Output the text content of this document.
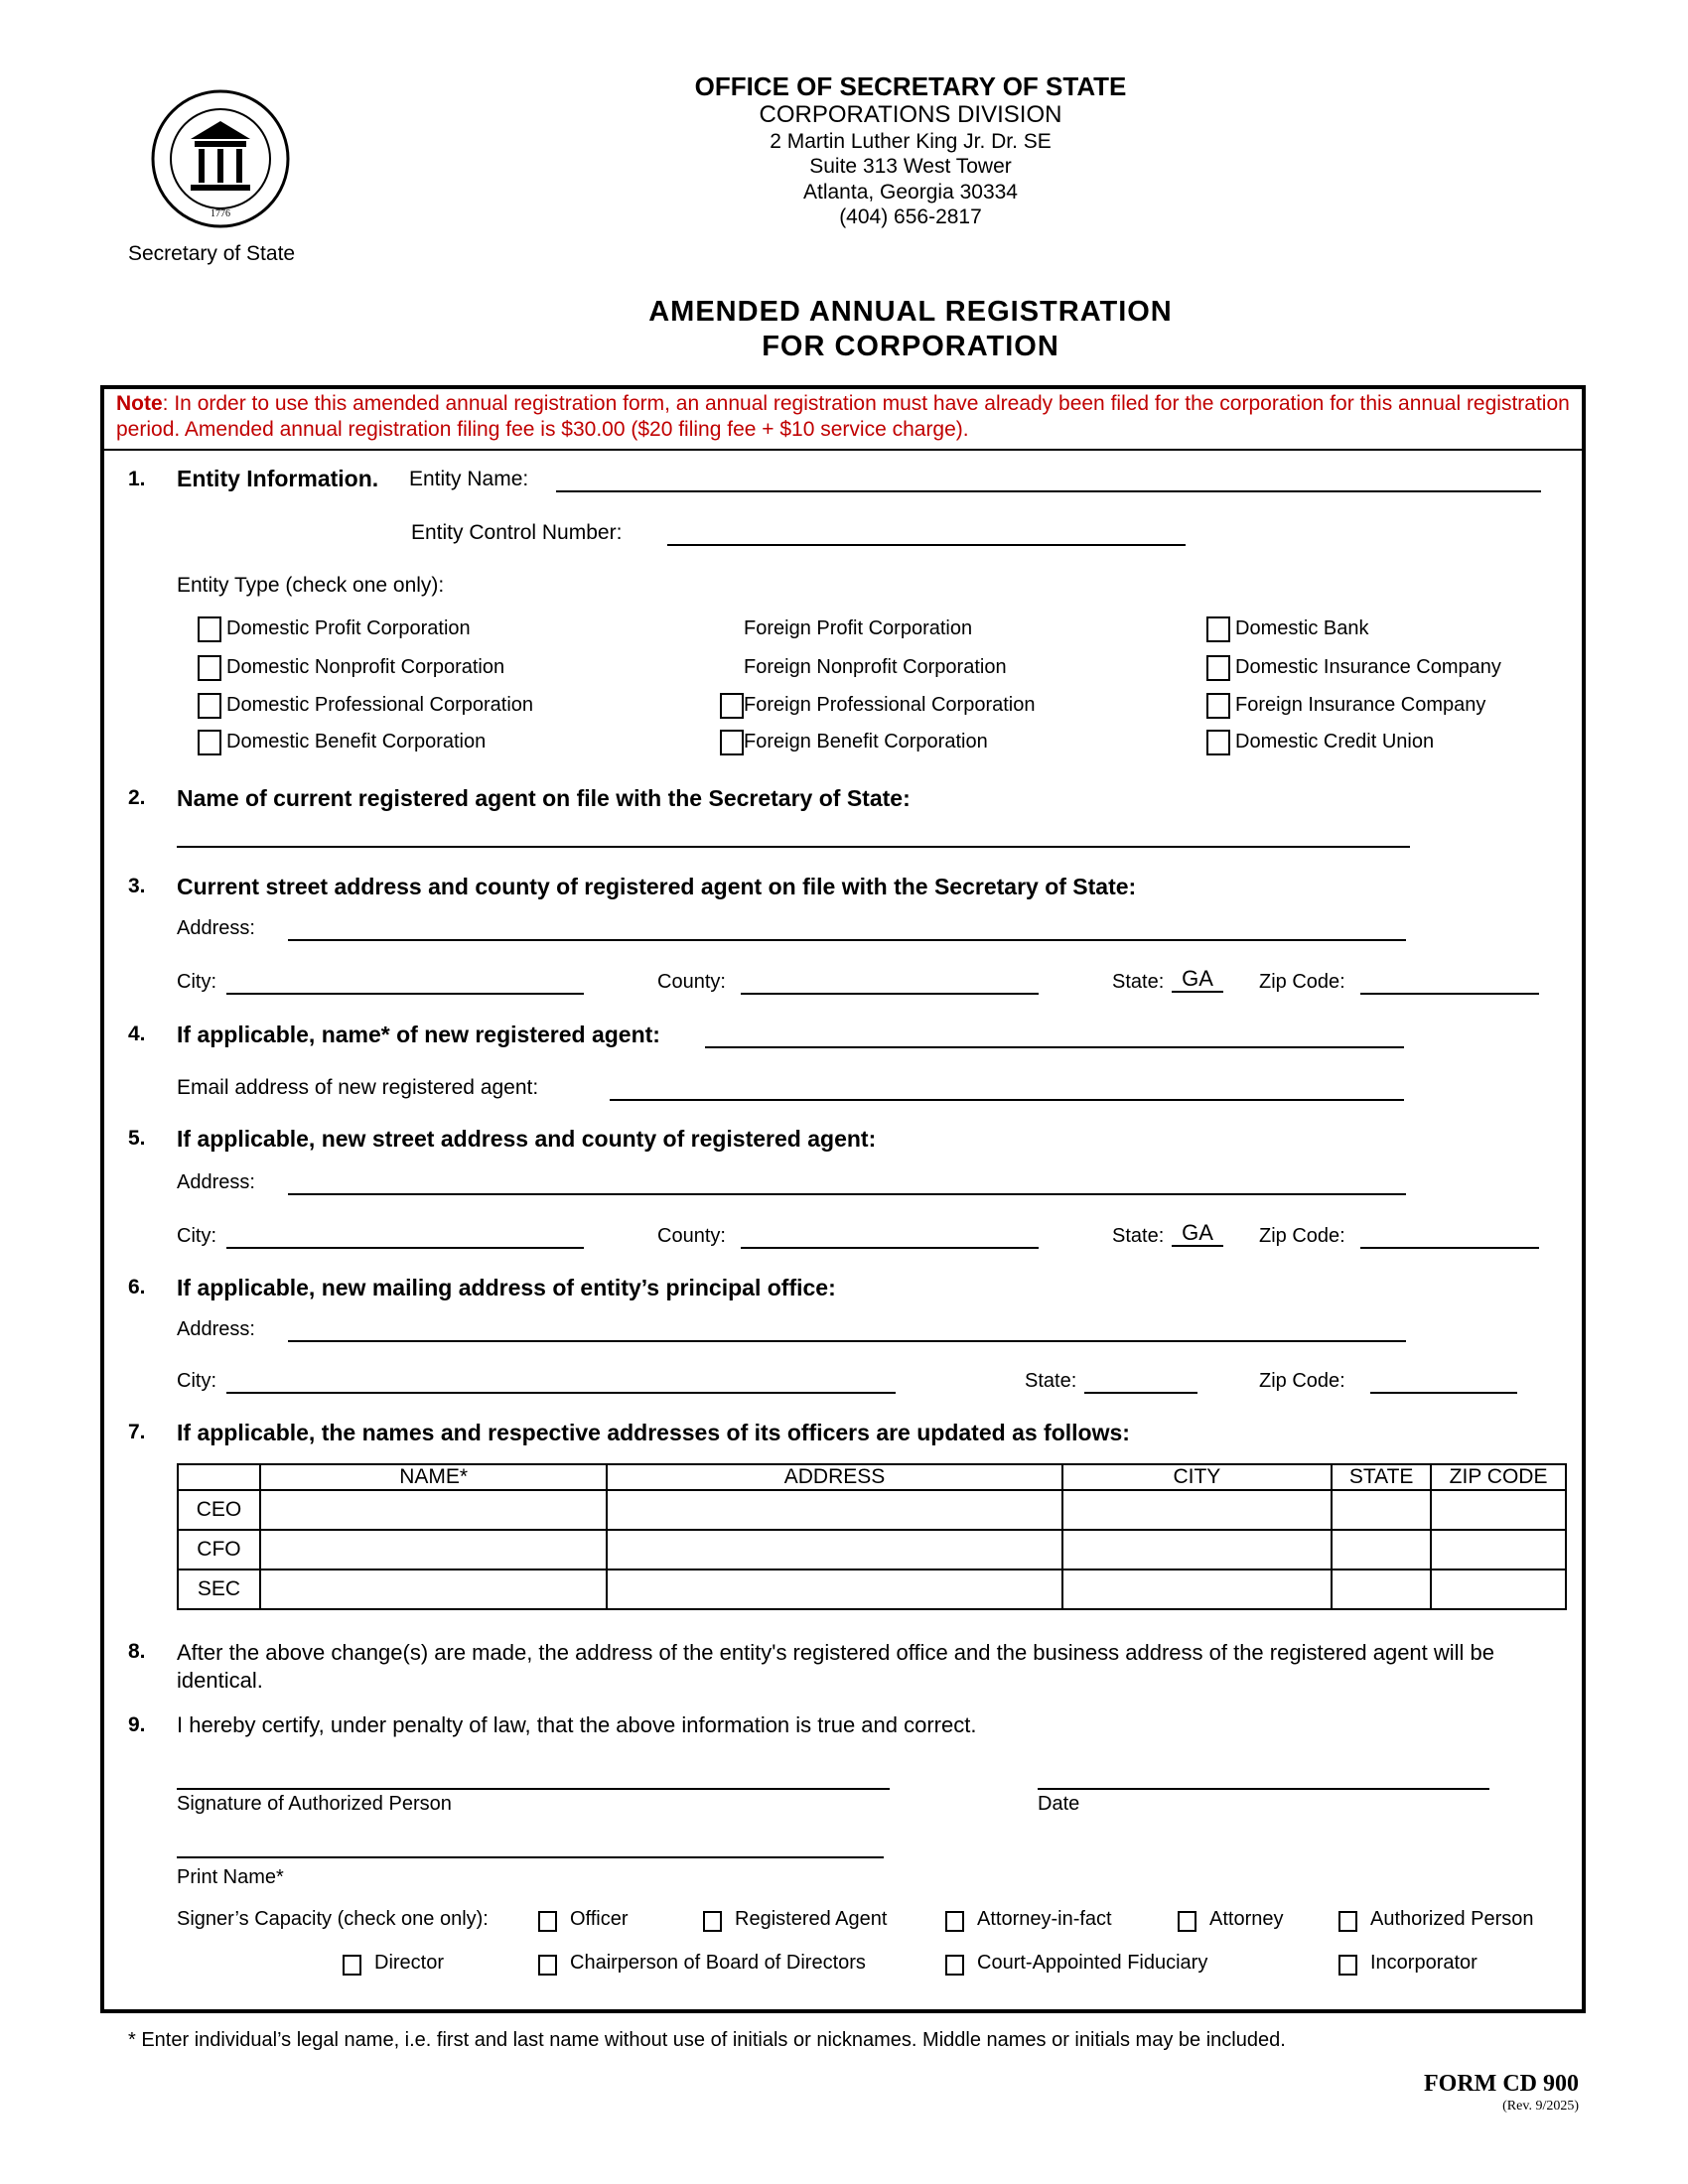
1776
Secretary of State
OFFICE OF SECRETARY OF STATE
CORPORATIONS DIVISION
2 Martin Luther King Jr. Dr. SE
Suite 313 West Tower
Atlanta, Georgia 30334
(404) 656-2817
AMENDED ANNUAL REGISTRATION
FOR CORPORATION
Note: In order to use this amended annual registration form, an annual registration must have already been filed for the corporation for this annual registration period. Amended annual registration filing fee is $30.00 ($20 filing fee + $10 service charge).
1. Entity Information. Entity Name:
Entity Control Number:
Entity Type (check one only):
Domestic Profit Corporation
Domestic Nonprofit Corporation
Domestic Professional Corporation
Domestic Benefit Corporation
Foreign Profit Corporation
Foreign Nonprofit Corporation
Foreign Professional Corporation
Foreign Benefit Corporation
Domestic Bank
Domestic Insurance Company
Foreign Insurance Company
Domestic Credit Union
2. Name of current registered agent on file with the Secretary of State:
3. Current street address and county of registered agent on file with the Secretary of State:
Address:
City:	County:	State: GA	Zip Code:
4. If applicable, name* of new registered agent:
Email address of new registered agent:
5. If applicable, new street address and county of registered agent:
Address:
City:	County:	State: GA	Zip Code:
6. If applicable, new mailing address of entity’s principal office:
Address:
City:	State:	Zip Code:
7. If applicable, the names and respective addresses of its officers are updated as follows:
	NAME*	ADDRESS	CITY	STATE	ZIP CODE
CEO					
CFO					
SEC					
8. After the above change(s) are made, the address of the entity's registered office and the business address of the registered agent will be identical.
9. I hereby certify, under penalty of law, that the above information is true and correct.
Signature of Authorized Person	Date
Print Name*
Signer’s Capacity (check one only):	Officer	Registered Agent	Attorney-in-fact	Attorney	Authorized Person
Director	Chairperson of Board of Directors	Court-Appointed Fiduciary	Incorporator
* Enter individual’s legal name, i.e. first and last name without use of initials or nicknames. Middle names or initials may be included.
FORM CD 900
(Rev. 9/2025)
